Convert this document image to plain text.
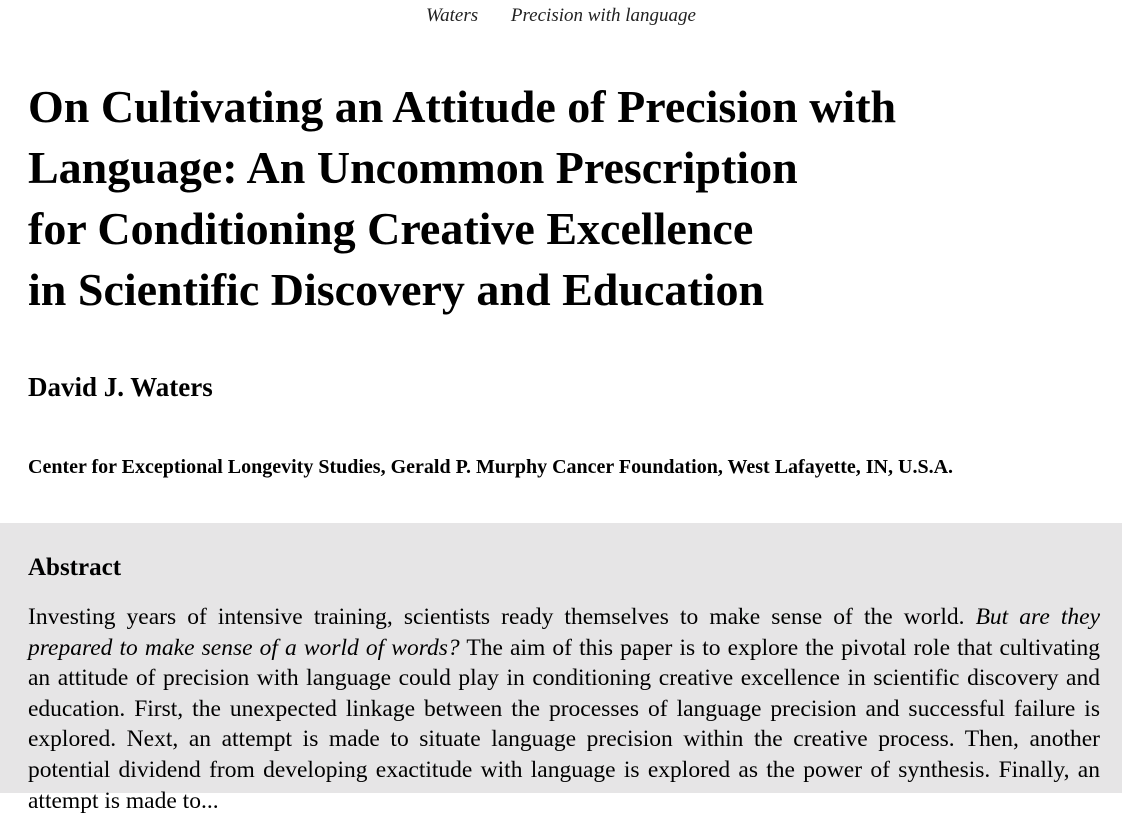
Waters Precision with language
On Cultivating an Attitude of Precision with
Language: An Uncommon Prescription
for Conditioning Creative Excellence
in Scientific Discovery and Education

David J. Waters

Center for Exceptional Longevity Studies, Gerald P. Murphy Cancer Foundation, West Lafayette, IN, U.S.A.

Abstract

Investing years of intensive training, scientists ready themselves to make sense of the world. But are they prepared to make sense of a world of words? The aim of this paper is to explore the pivotal role that cultivating an attitude of precision with language could play in conditioning creative excellence in scientific discovery and education. First, the unexpected linkage between the processes of language precision and successful failure is explored. Next, an attempt is made to situate language precision within the creative process. Then, another potential dividend from developing exactitude with language is explored as the power of synthesis. Finally, an attempt is made to...
